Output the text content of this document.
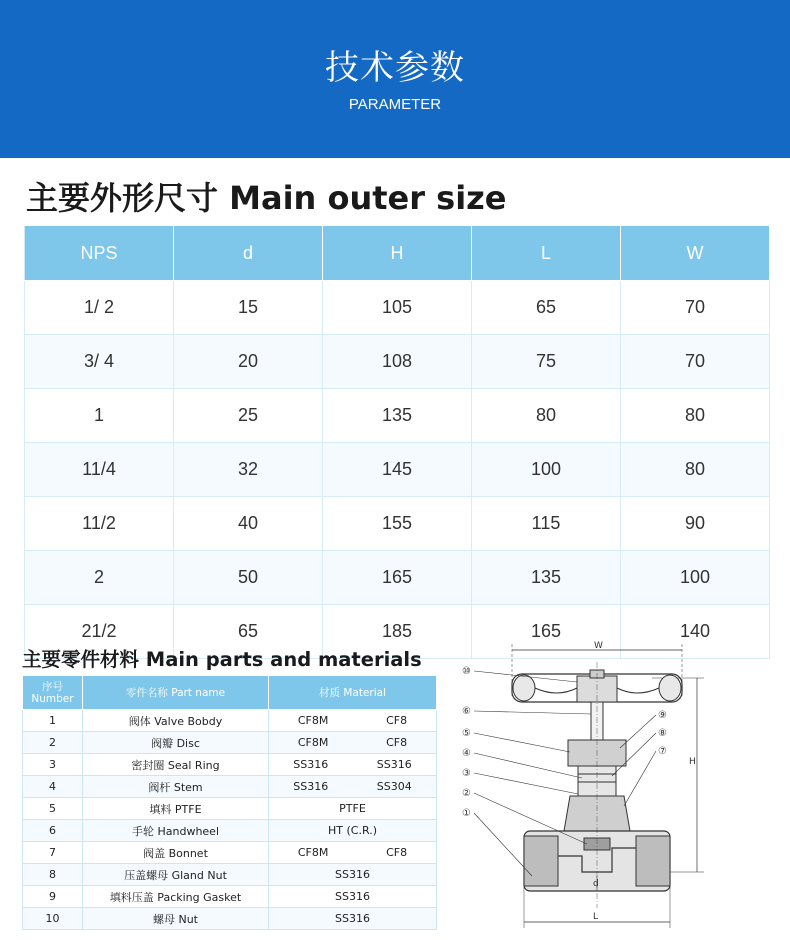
技术参数
PARAMETER
主要外形尺寸 Main outer size
NPS	d	H	L	W
1/ 2	15	105	65	70
3/ 4	20	108	75	70
1	25	135	80	80
11/4	32	145	100	80
11/2	40	155	115	90
2	50	165	135	100
21/2	65	185	165	140
主要零件材料 Main parts and materials
序号
Number	零件名称 Part name	材质 Material
1	阀体 Valve Bobdy	CF8M CF8

2	阀瓣 Disc	CF8M CF8

3	密封圈 Seal Ring	SS316 SS316

4	阀杆 Stem	SS316 SS304

5	填料 PTFE	PTFE
6	手轮 Handwheel	HT (C.R.)
7	阀盖 Bonnet	CF8M CF8

8	压盖螺母 Gland Nut	SS316
9	填料压盖 Packing Gasket	SS316
10	螺母 Nut	SS316
W
H
L
d
⑩
⑥
⑤
④
③
②
①
⑨
⑧
⑦
